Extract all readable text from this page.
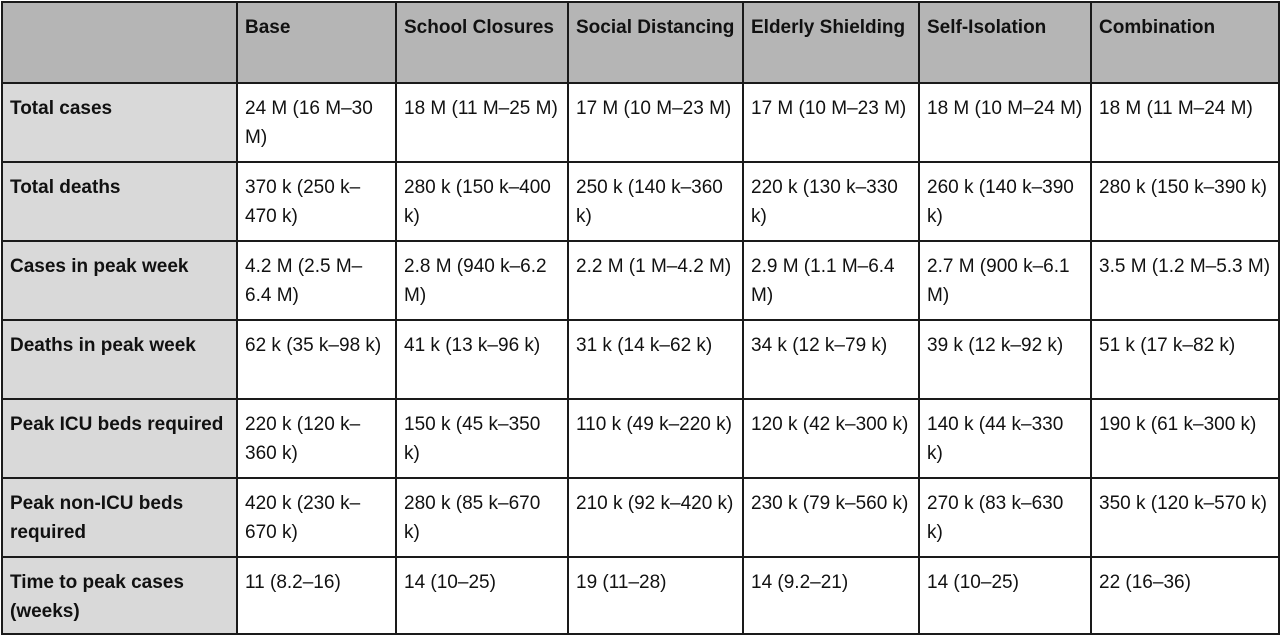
	Base	School Closures	Social Distancing	Elderly Shielding	Self-Isolation	Combination
Total cases	24 M (16 M–30 M)	18 M (11 M–25 M)	17 M (10 M–23 M)	17 M (10 M–23 M)	18 M (10 M–24 M)	18 M (11 M–24 M)
Total deaths	370 k (250 k–470 k)	280 k (150 k–400 k)	250 k (140 k–360 k)	220 k (130 k–330 k)	260 k (140 k–390 k)	280 k (150 k–390 k)
Cases in peak week	4.2 M (2.5 M–6.4 M)	2.8 M (940 k–6.2 M)	2.2 M (1 M–4.2 M)	2.9 M (1.1 M–6.4 M)	2.7 M (900 k–6.1 M)	3.5 M (1.2 M–5.3 M)
Deaths in peak week	62 k (35 k–98 k)	41 k (13 k–96 k)	31 k (14 k–62 k)	34 k (12 k–79 k)	39 k (12 k–92 k)	51 k (17 k–82 k)
Peak ICU beds required	220 k (120 k–360 k)	150 k (45 k–350 k)	110 k (49 k–220 k)	120 k (42 k–300 k)	140 k (44 k–330 k)	190 k (61 k–300 k)
Peak non-ICU beds required	420 k (230 k–670 k)	280 k (85 k–670 k)	210 k (92 k–420 k)	230 k (79 k–560 k)	270 k (83 k–630 k)	350 k (120 k–570 k)
Time to peak cases (weeks)	11 (8.2–16)	14 (10–25)	19 (11–28)	14 (9.2–21)	14 (10–25)	22 (16–36)
